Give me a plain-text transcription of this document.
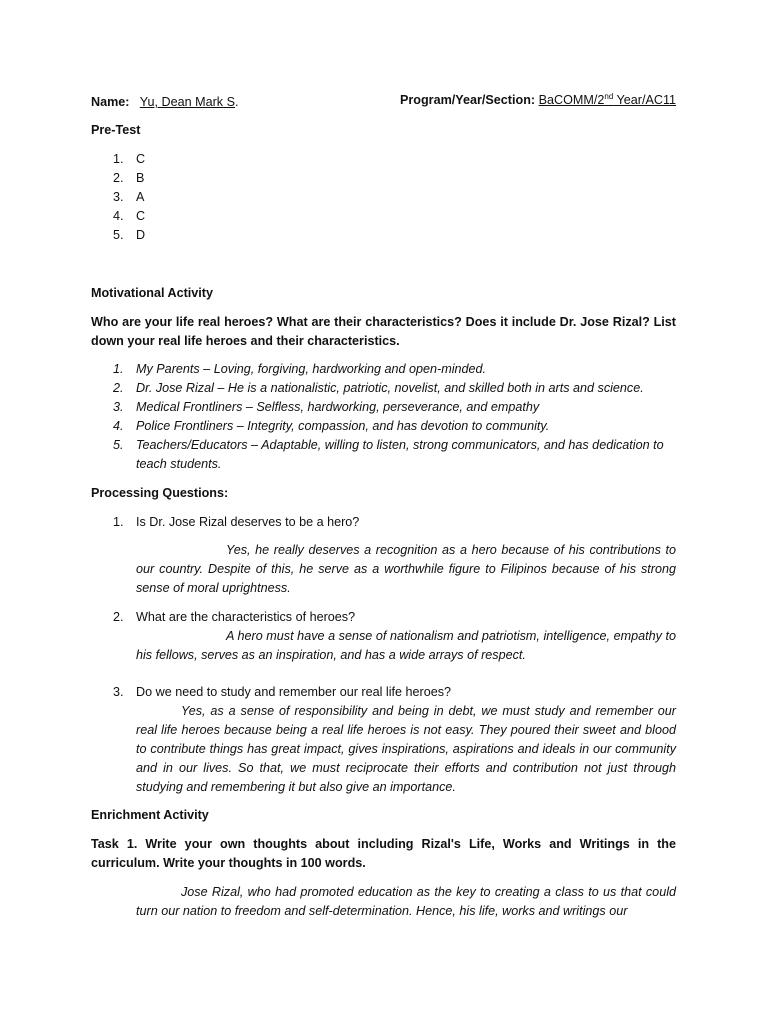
Name: Yu, Dean Mark S.	Program/Year/Section: BaCOMM/2nd Year/AC11
Pre-Test
1. C
2. B
3. A
4. C
5. D
Motivational Activity
Who are your life real heroes? What are their characteristics? Does it include Dr. Jose Rizal? List down your real life heroes and their characteristics.
1. My Parents – Loving, forgiving, hardworking and open-minded.
2. Dr. Jose Rizal – He is a nationalistic, patriotic, novelist, and skilled both in arts and science.
3. Medical Frontliners – Selfless, hardworking, perseverance, and empathy
4. Police Frontliners – Integrity, compassion, and has devotion to community.
5. Teachers/Educators – Adaptable, willing to listen, strong communicators, and has dedication to teach students.
Processing Questions:
1. Is Dr. Jose Rizal deserves to be a hero?
Yes, he really deserves a recognition as a hero because of his contributions to our country. Despite of this, he serve as a worthwhile figure to Filipinos because of his strong sense of moral uprightness.
2. What are the characteristics of heroes?
A hero must have a sense of nationalism and patriotism, intelligence, empathy to his fellows, serves as an inspiration, and has a wide arrays of respect.
3. Do we need to study and remember our real life heroes?
Yes, as a sense of responsibility and being in debt, we must study and remember our real life heroes because being a real life heroes is not easy. They poured their sweet and blood to contribute things has great impact, gives inspirations, aspirations and ideals in our community and in our lives. So that, we must reciprocate their efforts and contribution not just through studying and remembering it but also give an importance.
Enrichment Activity
Task 1. Write your own thoughts about including Rizal's Life, Works and Writings in the curriculum. Write your thoughts in 100 words.
Jose Rizal, who had promoted education as the key to creating a class to us that could turn our nation to freedom and self-determination. Hence, his life, works and writings our
